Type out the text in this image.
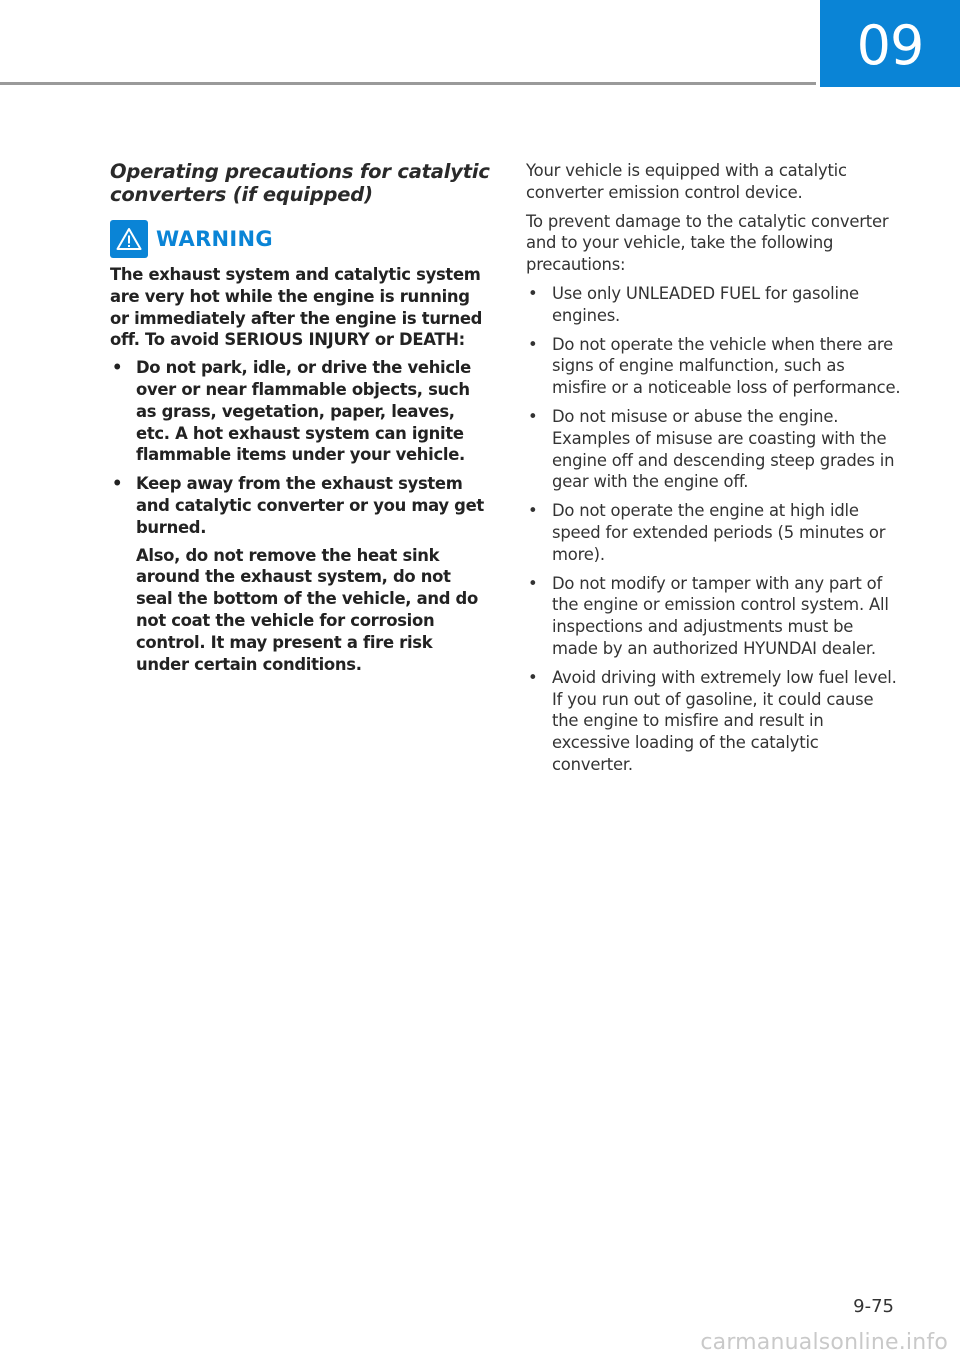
09
Operating precautions for catalytic converters (if equipped)
WARNING

The exhaust system and catalytic system are very hot while the engine is running or immediately after the engine is turned off. To avoid SERIOUS INJURY or DEATH:

• Do not park, idle, or drive the vehicle over or near flammable objects, such as grass, vegetation, paper, leaves, etc. A hot exhaust system can ignite flammable items under your vehicle.
• Keep away from the exhaust system and catalytic converter or you may get burned.

Also, do not remove the heat sink around the exhaust system, do not seal the bottom of the vehicle, and do not coat the vehicle for corrosion control. It may present a fire risk under certain conditions.

Your vehicle is equipped with a catalytic converter emission control device.

To prevent damage to the catalytic converter and to your vehicle, take the following precautions:

• Use only UNLEADED FUEL for gasoline engines.
• Do not operate the vehicle when there are signs of engine malfunction, such as misfire or a noticeable loss of performance.
• Do not misuse or abuse the engine. Examples of misuse are coasting with the engine off and descending steep grades in gear with the engine off.
• Do not operate the engine at high idle speed for extended periods (5 minutes or more).
• Do not modify or tamper with any part of the engine or emission control system. All inspections and adjustments must be made by an authorized HYUNDAI dealer.
• Avoid driving with extremely low fuel level. If you run out of gasoline, it could cause the engine to misfire and result in excessive loading of the catalytic converter.
9-75
carmanualsonline.info
